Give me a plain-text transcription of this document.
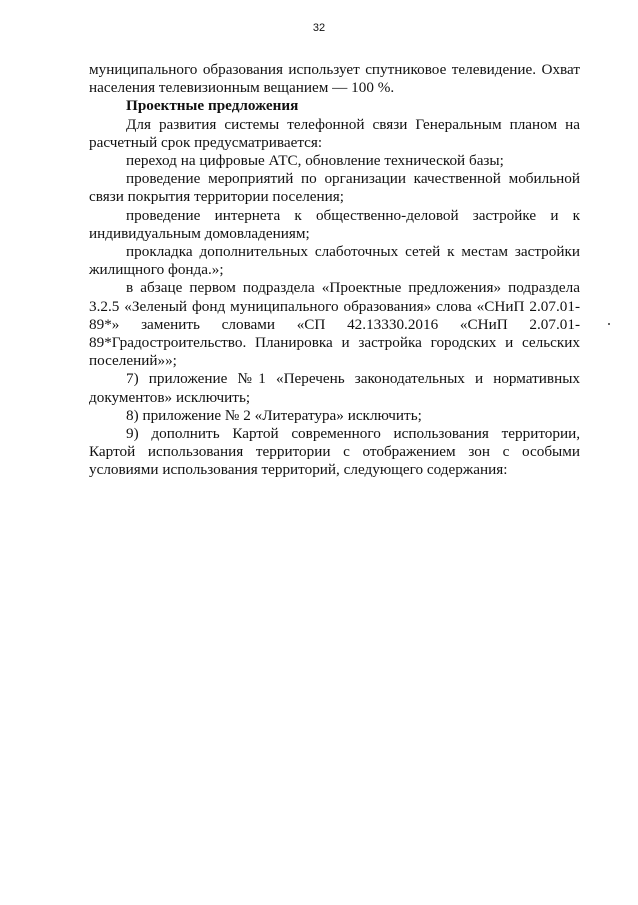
32

муниципального образования использует спутниковое телевидение. Охват населения телевизионным вещанием — 100 %.

Проектные предложения

Для развития системы телефонной связи Генеральным планом на расчетный срок предусматривается:

переход на цифровые АТС, обновление технической базы;

проведение мероприятий по организации качественной мобильной связи покрытия территории поселения;

проведение интернета к общественно-деловой застройке и к индивидуальным домовладениям;

прокладка дополнительных слаботочных сетей к местам застройки жилищного фонда.»;

в абзаце первом подраздела «Проектные предложения» подраздела 3.2.5 «Зеленый фонд муниципального образования» слова «СНиП 2.07.01-89*» заменить словами «СП 42.13330.2016 «СНиП 2.07.01-89*Градостроительство. Планировка и застройка городских и сельских поселений»»;

7) приложение №1 «Перечень законодательных и нормативных документов» исключить;

8) приложение № 2 «Литература» исключить;

9) дополнить Картой современного использования территории, Картой использования территории с отображением зон с особыми условиями использования территорий, следующего содержания:
